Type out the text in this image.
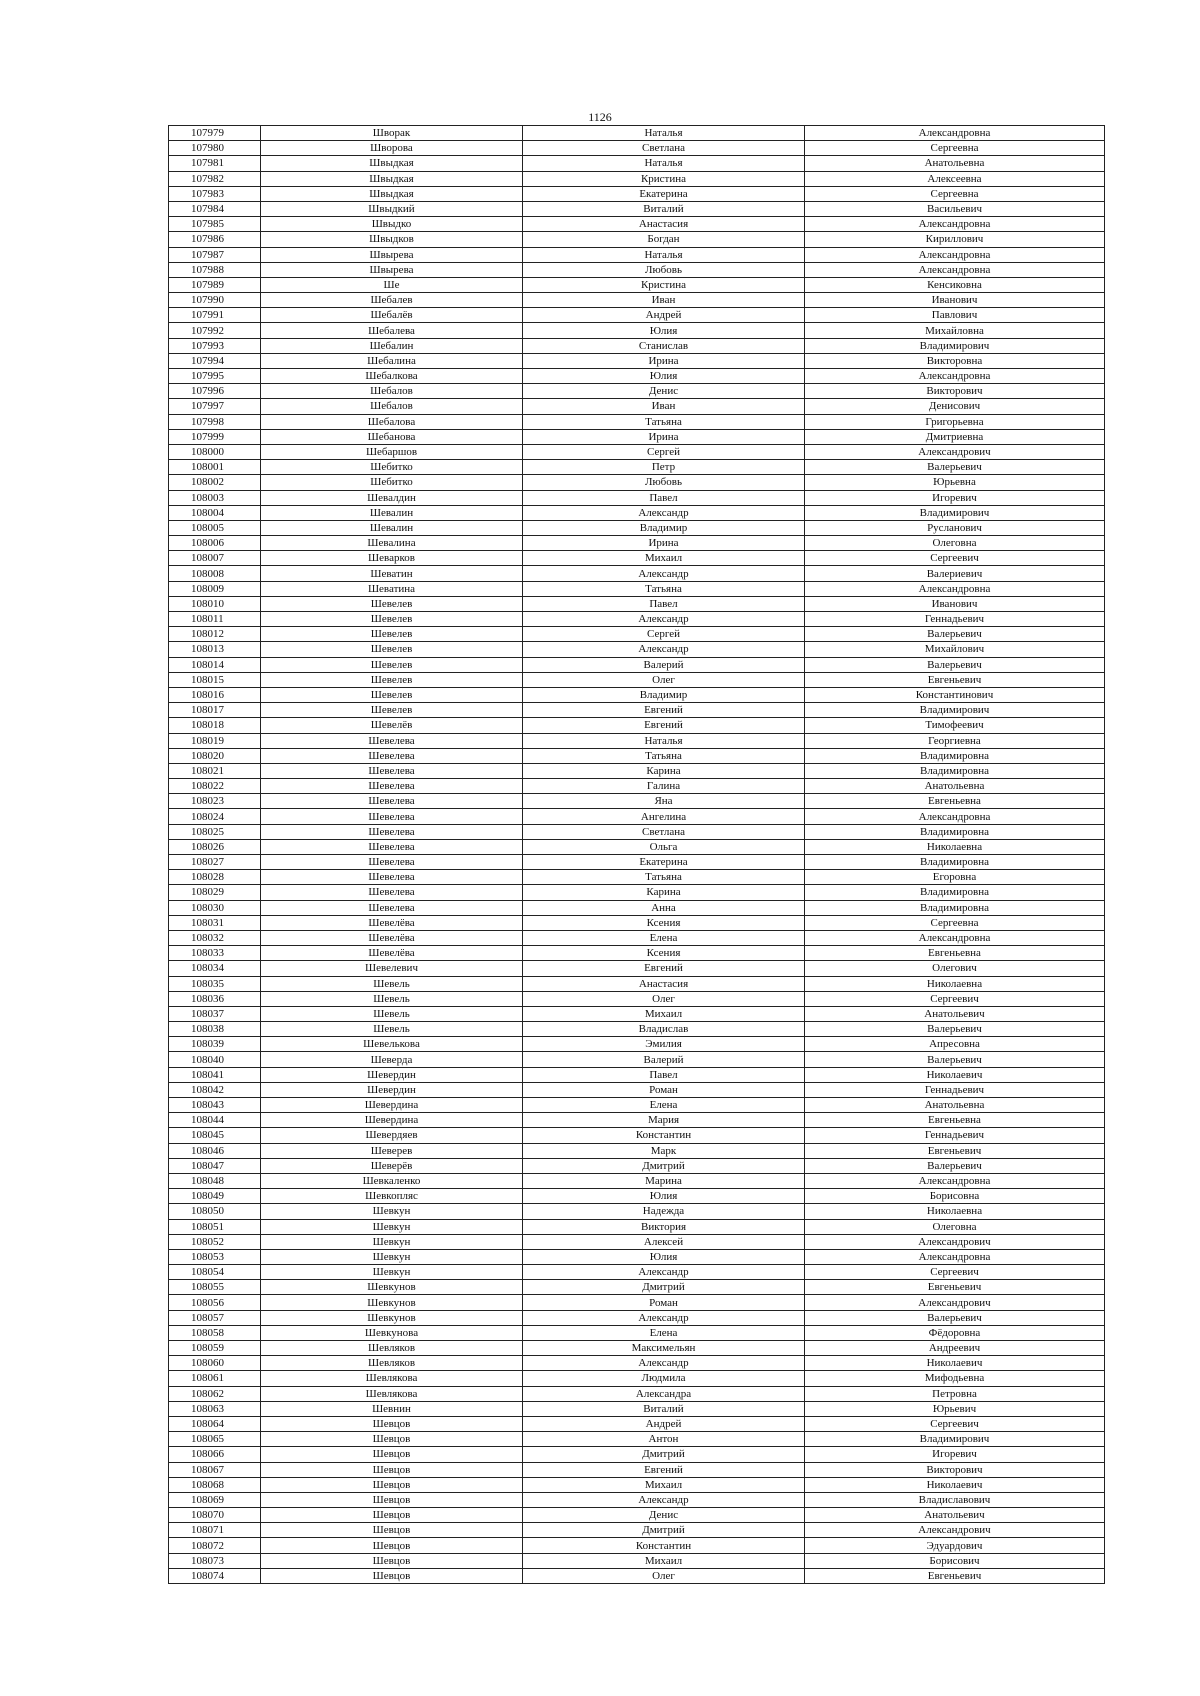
1126
107979	Шворак	Наталья	Александровна
107980	Шворова	Светлана	Сергеевна
107981	Швыдкая	Наталья	Анатольевна
107982	Швыдкая	Кристина	Алексеевна
107983	Швыдкая	Екатерина	Сергеевна
107984	Швыдкий	Виталий	Васильевич
107985	Швыдко	Анастасия	Александровна
107986	Швыдков	Богдан	Кириллович
107987	Швырева	Наталья	Александровна
107988	Швырева	Любовь	Александровна
107989	Ше	Кристина	Кенсиковна
107990	Шебалев	Иван	Иванович
107991	Шебалёв	Андрей	Павлович
107992	Шебалева	Юлия	Михайловна
107993	Шебалин	Станислав	Владимирович
107994	Шебалина	Ирина	Викторовна
107995	Шебалкова	Юлия	Александровна
107996	Шебалов	Денис	Викторович
107997	Шебалов	Иван	Денисович
107998	Шебалова	Татьяна	Григорьевна
107999	Шебанова	Ирина	Дмитриевна
108000	Шебаршов	Сергей	Александрович
108001	Шебитко	Петр	Валерьевич
108002	Шебитко	Любовь	Юрьевна
108003	Шевалдин	Павел	Игоревич
108004	Шевалин	Александр	Владимирович
108005	Шевалин	Владимир	Русланович
108006	Шевалина	Ирина	Олеговна
108007	Шеварков	Михаил	Сергеевич
108008	Шеватин	Александр	Валериевич
108009	Шеватина	Татьяна	Александровна
108010	Шевелев	Павел	Иванович
108011	Шевелев	Александр	Геннадьевич
108012	Шевелев	Сергей	Валерьевич
108013	Шевелев	Александр	Михайлович
108014	Шевелев	Валерий	Валерьевич
108015	Шевелев	Олег	Евгеньевич
108016	Шевелев	Владимир	Константинович
108017	Шевелев	Евгений	Владимирович
108018	Шевелёв	Евгений	Тимофеевич
108019	Шевелева	Наталья	Георгиевна
108020	Шевелева	Татьяна	Владимировна
108021	Шевелева	Карина	Владимировна
108022	Шевелева	Галина	Анатольевна
108023	Шевелева	Яна	Евгеньевна
108024	Шевелева	Ангелина	Александровна
108025	Шевелева	Светлана	Владимировна
108026	Шевелева	Ольга	Николаевна
108027	Шевелева	Екатерина	Владимировна
108028	Шевелева	Татьяна	Егоровна
108029	Шевелева	Карина	Владимировна
108030	Шевелева	Анна	Владимировна
108031	Шевелёва	Ксения	Сергеевна
108032	Шевелёва	Елена	Александровна
108033	Шевелёва	Ксения	Евгеньевна
108034	Шевелевич	Евгений	Олегович
108035	Шевель	Анастасия	Николаевна
108036	Шевель	Олег	Сергеевич
108037	Шевель	Михаил	Анатольевич
108038	Шевель	Владислав	Валерьевич
108039	Шевелькова	Эмилия	Апресовна
108040	Шеверда	Валерий	Валерьевич
108041	Шевердин	Павел	Николаевич
108042	Шевердин	Роман	Геннадьевич
108043	Шевердина	Елена	Анатольевна
108044	Шевердина	Мария	Евгеньевна
108045	Шевердяев	Константин	Геннадьевич
108046	Шеверев	Марк	Евгеньевич
108047	Шеверёв	Дмитрий	Валерьевич
108048	Шевкаленко	Марина	Александровна
108049	Шевкопляс	Юлия	Борисовна
108050	Шевкун	Надежда	Николаевна
108051	Шевкун	Виктория	Олеговна
108052	Шевкун	Алексей	Александрович
108053	Шевкун	Юлия	Александровна
108054	Шевкун	Александр	Сергеевич
108055	Шевкунов	Дмитрий	Евгеньевич
108056	Шевкунов	Роман	Александрович
108057	Шевкунов	Александр	Валерьевич
108058	Шевкунова	Елена	Фёдоровна
108059	Шевляков	Максимельян	Андреевич
108060	Шевляков	Александр	Николаевич
108061	Шевлякова	Людмила	Мифодьевна
108062	Шевлякова	Александра	Петровна
108063	Шевнин	Виталий	Юрьевич
108064	Шевцов	Андрей	Сергеевич
108065	Шевцов	Антон	Владимирович
108066	Шевцов	Дмитрий	Игоревич
108067	Шевцов	Евгений	Викторович
108068	Шевцов	Михаил	Николаевич
108069	Шевцов	Александр	Владиславович
108070	Шевцов	Денис	Анатольевич
108071	Шевцов	Дмитрий	Александрович
108072	Шевцов	Константин	Эдуардович
108073	Шевцов	Михаил	Борисович
108074	Шевцов	Олег	Евгеньевич
